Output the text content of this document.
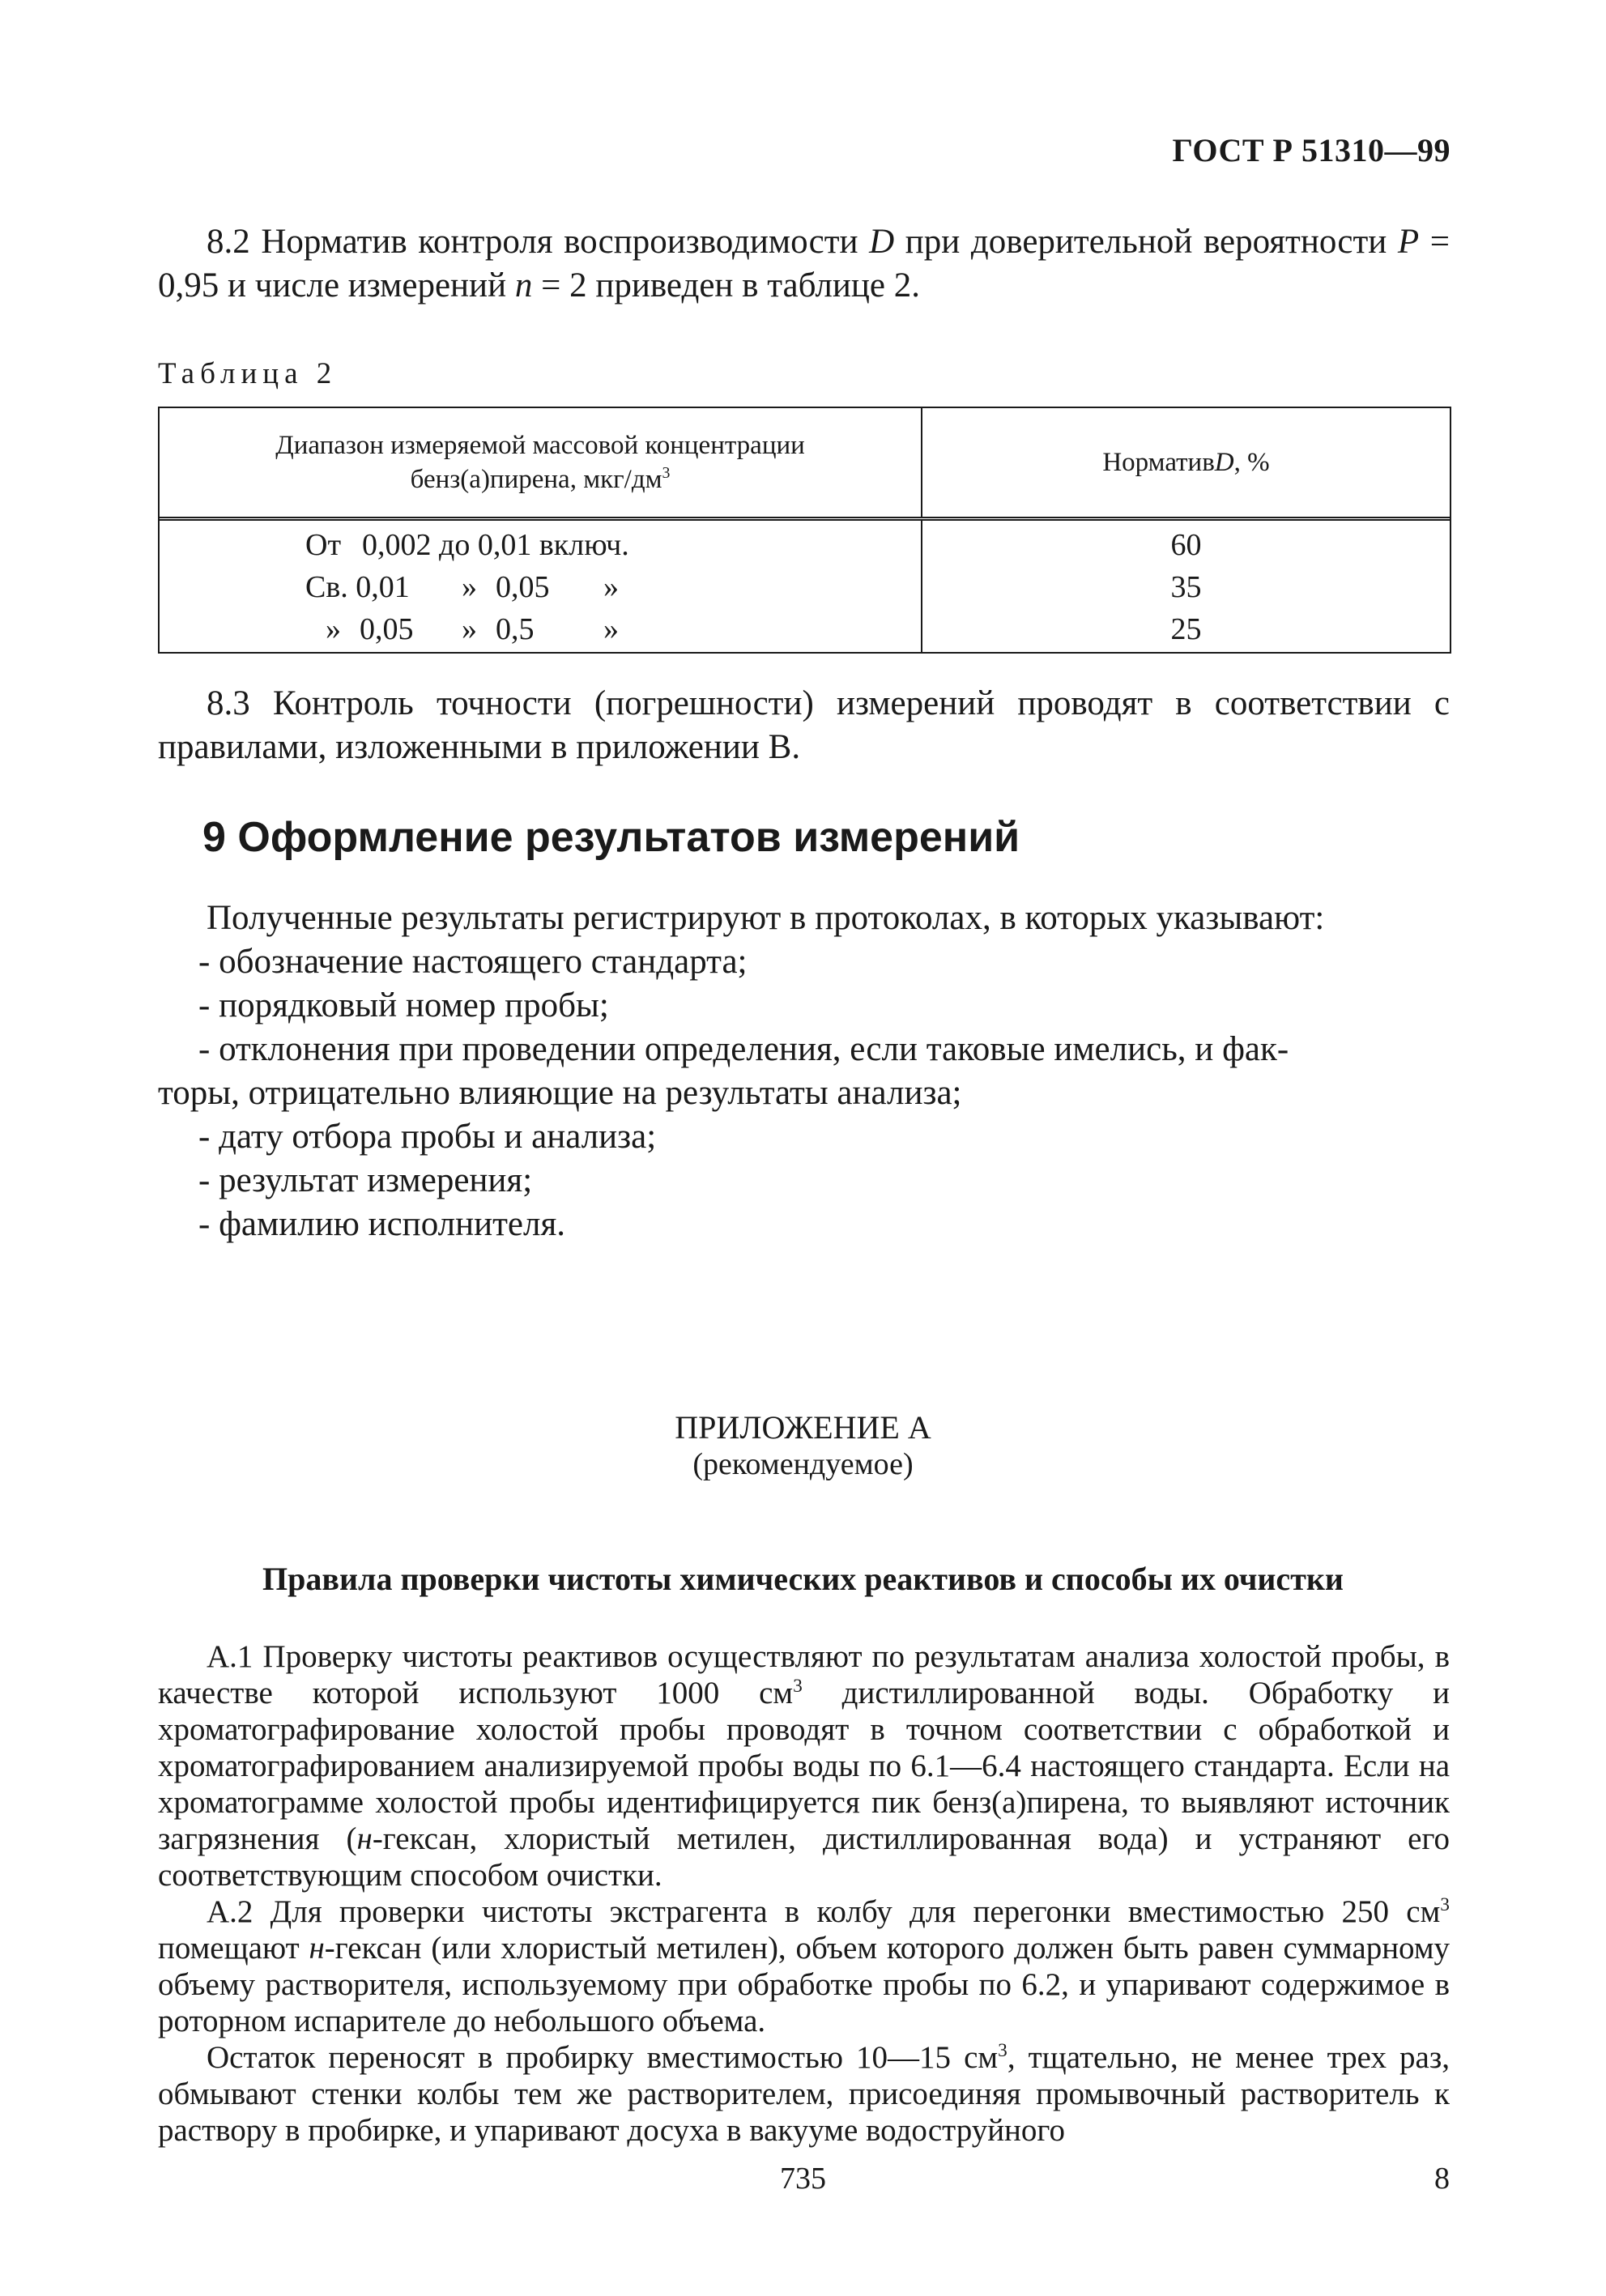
ГОСТ Р 51310—99
8.2 Норматив контроля воспроизводимости D при доверительной вероятности P = 0,95 и числе измерений n = 2 приведен в таблице 2.
Таблица 2
Диапазон измеряемой массовой концентрации
бенз(а)пирена, мкг/$дм^3$	Норматив D , %
От 0,002 до 0,01 включ.
Св. 0,01 » 0,05 »
» 0,05 » 0,5 »
60
35
25
8.3 Контроль точности (погрешности) измерений проводят в соответствии с правилами, изложенными в приложении В.
9 Оформление результатов измерений
Полученные результаты регистрируют в протоколах, в которых указывают:
- обозначение настоящего стандарта;
- порядковый номер пробы;
- отклонения при проведении определения, если таковые имелись, и фак-
торы, отрицательно влияющие на результаты анализа;
- дату отбора пробы и анализа;
- результат измерения;
- фамилию исполнителя.
ПРИЛОЖЕНИЕ А
(рекомендуемое)
Правила проверки чистоты химических реактивов и способы их очистки

А.1 Проверку чистоты реактивов осуществляют по результатам анализа холостой пробы, в качестве которой используют 1000 $см^3$ дистиллированной воды. Обработку и хроматографирование холостой пробы проводят в точном соответствии с обработкой и хроматографированием анализируемой пробы воды по 6.1—6.4 настоящего стандарта. Если на хроматограмме холостой пробы идентифицируется пик бенз(а)пирена, то выявляют источник загрязнения (н-гексан, хлористый метилен, дистиллированная вода) и устраняют его соответствующим способом очистки.

А.2 Для проверки чистоты экстрагента в колбу для перегонки вместимостью 250 $см^3$ помещают н-гексан (или хлористый метилен), объем которого должен быть равен суммарному объему растворителя, используемому при обработке пробы по 6.2, и упаривают содержимое в роторном испарителе до небольшого объема.

Остаток переносят в пробирку вместимостью 10—15 $см^3$, тщательно, не менее трех раз, обмывают стенки колбы тем же растворителем, присоединяя промывочный растворитель к раствору в пробирке, и упаривают досуха в вакууме водоструйного

735	8
